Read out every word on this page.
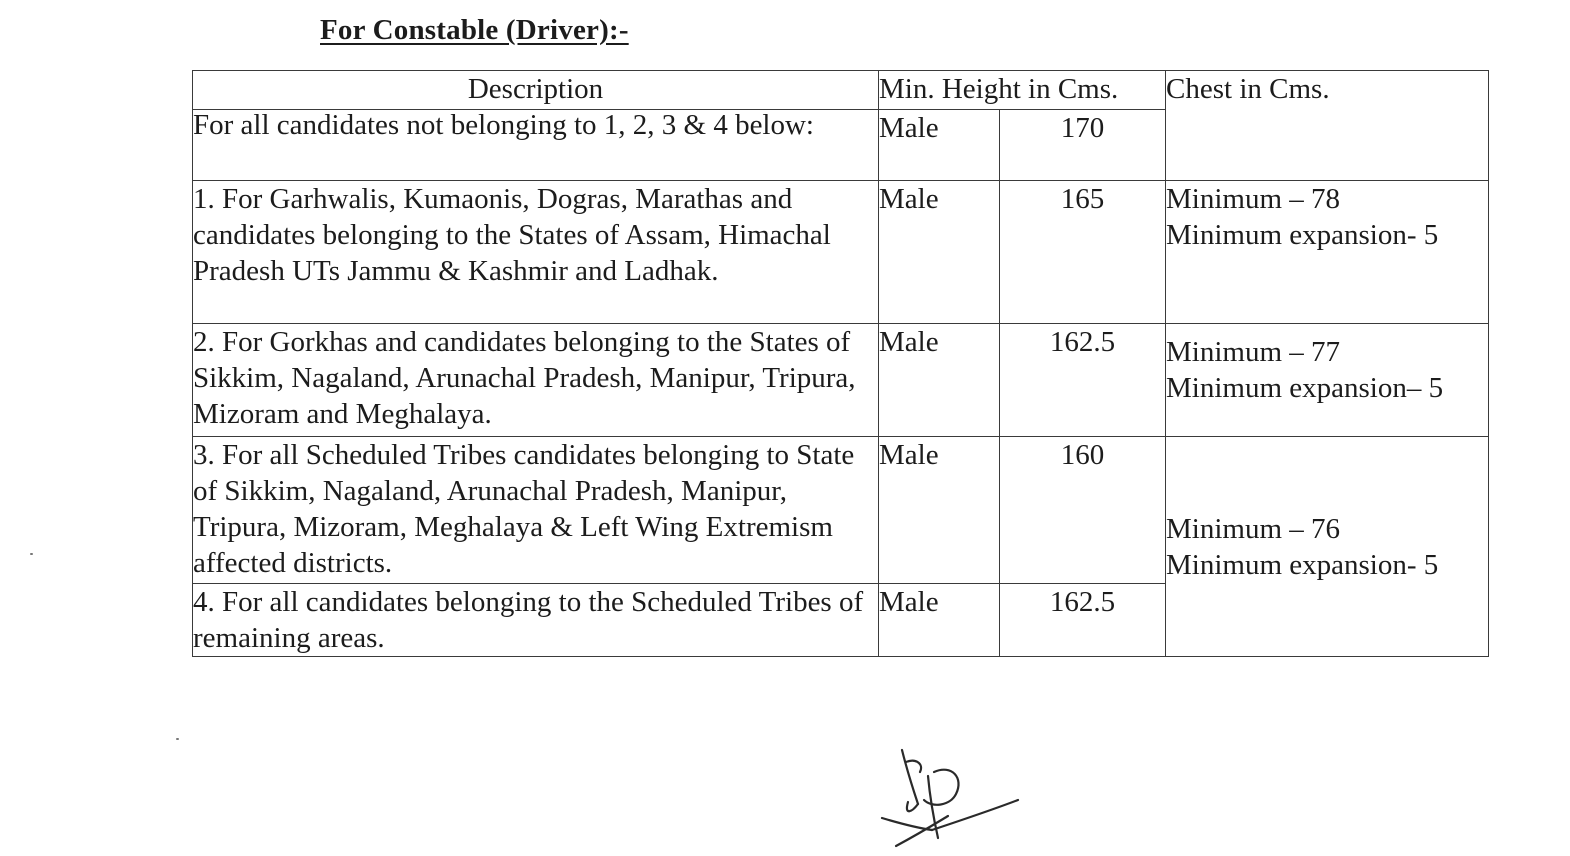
For Constable (Driver):-
Description	Min. Height in Cms.		Chest in Cms.
For all candidates not belonging to 1, 2, 3 & 4 below:	Male	170	
1. For Garhwalis, Kumaonis, Dogras, Marathas and candidates belonging to the States of Assam, Himachal Pradesh UTs Jammu & Kashmir and Ladhak.	Male	165	Minimum – 78
Minimum expansion- 5

2. For Gorkhas and candidates belonging to the States of Sikkim, Nagaland, Arunachal Pradesh, Manipur, Tripura, Mizoram and Meghalaya.	Male	162.5	Minimum – 77
Minimum expansion– 5

3. For all Scheduled Tribes candidates belonging to State of Sikkim, Nagaland, Arunachal Pradesh, Manipur, Tripura, Mizoram, Meghalaya & Left Wing Extremism affected districts.	Male	160	Minimum – 76
Minimum expansion- 5

4. For all candidates belonging to the Scheduled Tribes of remaining areas.	Male	162.5	
